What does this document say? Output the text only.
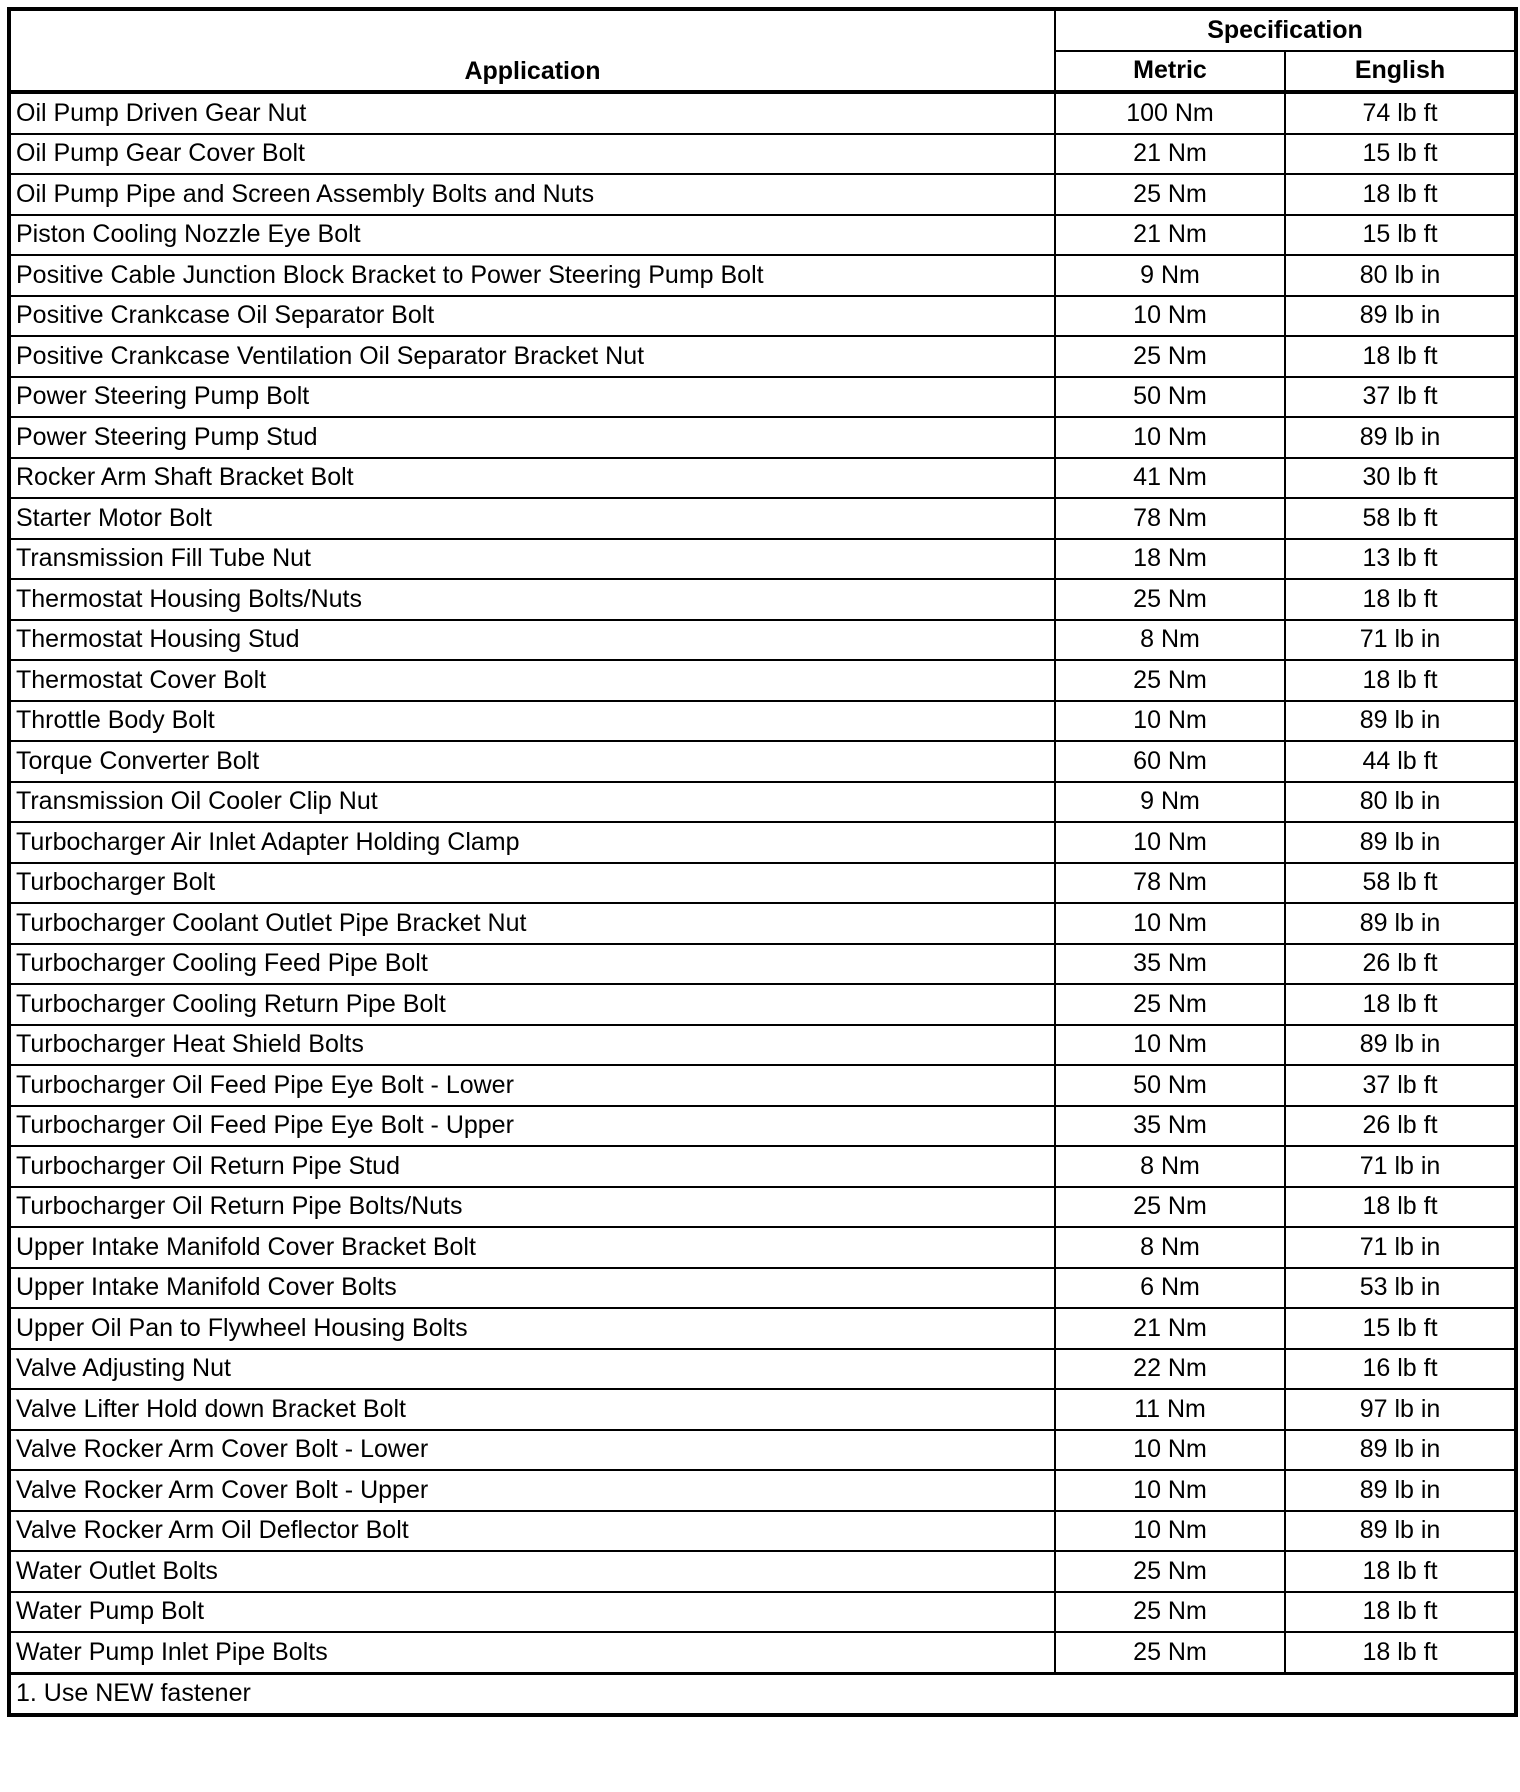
Application	Specification	
	Metric	English
Oil Pump Driven Gear Nut	100 Nm	74 lb ft
Oil Pump Gear Cover Bolt	21 Nm	15 lb ft
Oil Pump Pipe and Screen Assembly Bolts and Nuts	25 Nm	18 lb ft
Piston Cooling Nozzle Eye Bolt	21 Nm	15 lb ft
Positive Cable Junction Block Bracket to Power Steering Pump Bolt	9 Nm	80 lb in
Positive Crankcase Oil Separator Bolt	10 Nm	89 lb in
Positive Crankcase Ventilation Oil Separator Bracket Nut	25 Nm	18 lb ft
Power Steering Pump Bolt	50 Nm	37 lb ft
Power Steering Pump Stud	10 Nm	89 lb in
Rocker Arm Shaft Bracket Bolt	41 Nm	30 lb ft
Starter Motor Bolt	78 Nm	58 lb ft
Transmission Fill Tube Nut	18 Nm	13 lb ft
Thermostat Housing Bolts/Nuts	25 Nm	18 lb ft
Thermostat Housing Stud	8 Nm	71 lb in
Thermostat Cover Bolt	25 Nm	18 lb ft
Throttle Body Bolt	10 Nm	89 lb in
Torque Converter Bolt	60 Nm	44 lb ft
Transmission Oil Cooler Clip Nut	9 Nm	80 lb in
Turbocharger Air Inlet Adapter Holding Clamp	10 Nm	89 lb in
Turbocharger Bolt	78 Nm	58 lb ft
Turbocharger Coolant Outlet Pipe Bracket Nut	10 Nm	89 lb in
Turbocharger Cooling Feed Pipe Bolt	35 Nm	26 lb ft
Turbocharger Cooling Return Pipe Bolt	25 Nm	18 lb ft
Turbocharger Heat Shield Bolts	10 Nm	89 lb in
Turbocharger Oil Feed Pipe Eye Bolt - Lower	50 Nm	37 lb ft
Turbocharger Oil Feed Pipe Eye Bolt - Upper	35 Nm	26 lb ft
Turbocharger Oil Return Pipe Stud	8 Nm	71 lb in
Turbocharger Oil Return Pipe Bolts/Nuts	25 Nm	18 lb ft
Upper Intake Manifold Cover Bracket Bolt	8 Nm	71 lb in
Upper Intake Manifold Cover Bolts	6 Nm	53 lb in
Upper Oil Pan to Flywheel Housing Bolts	21 Nm	15 lb ft
Valve Adjusting Nut	22 Nm	16 lb ft
Valve Lifter Hold down Bracket Bolt	11 Nm	97 lb in
Valve Rocker Arm Cover Bolt - Lower	10 Nm	89 lb in
Valve Rocker Arm Cover Bolt - Upper	10 Nm	89 lb in
Valve Rocker Arm Oil Deflector Bolt	10 Nm	89 lb in
Water Outlet Bolts	25 Nm	18 lb ft
Water Pump Bolt	25 Nm	18 lb ft
Water Pump Inlet Pipe Bolts	25 Nm	18 lb ft
1. Use NEW fastener		
